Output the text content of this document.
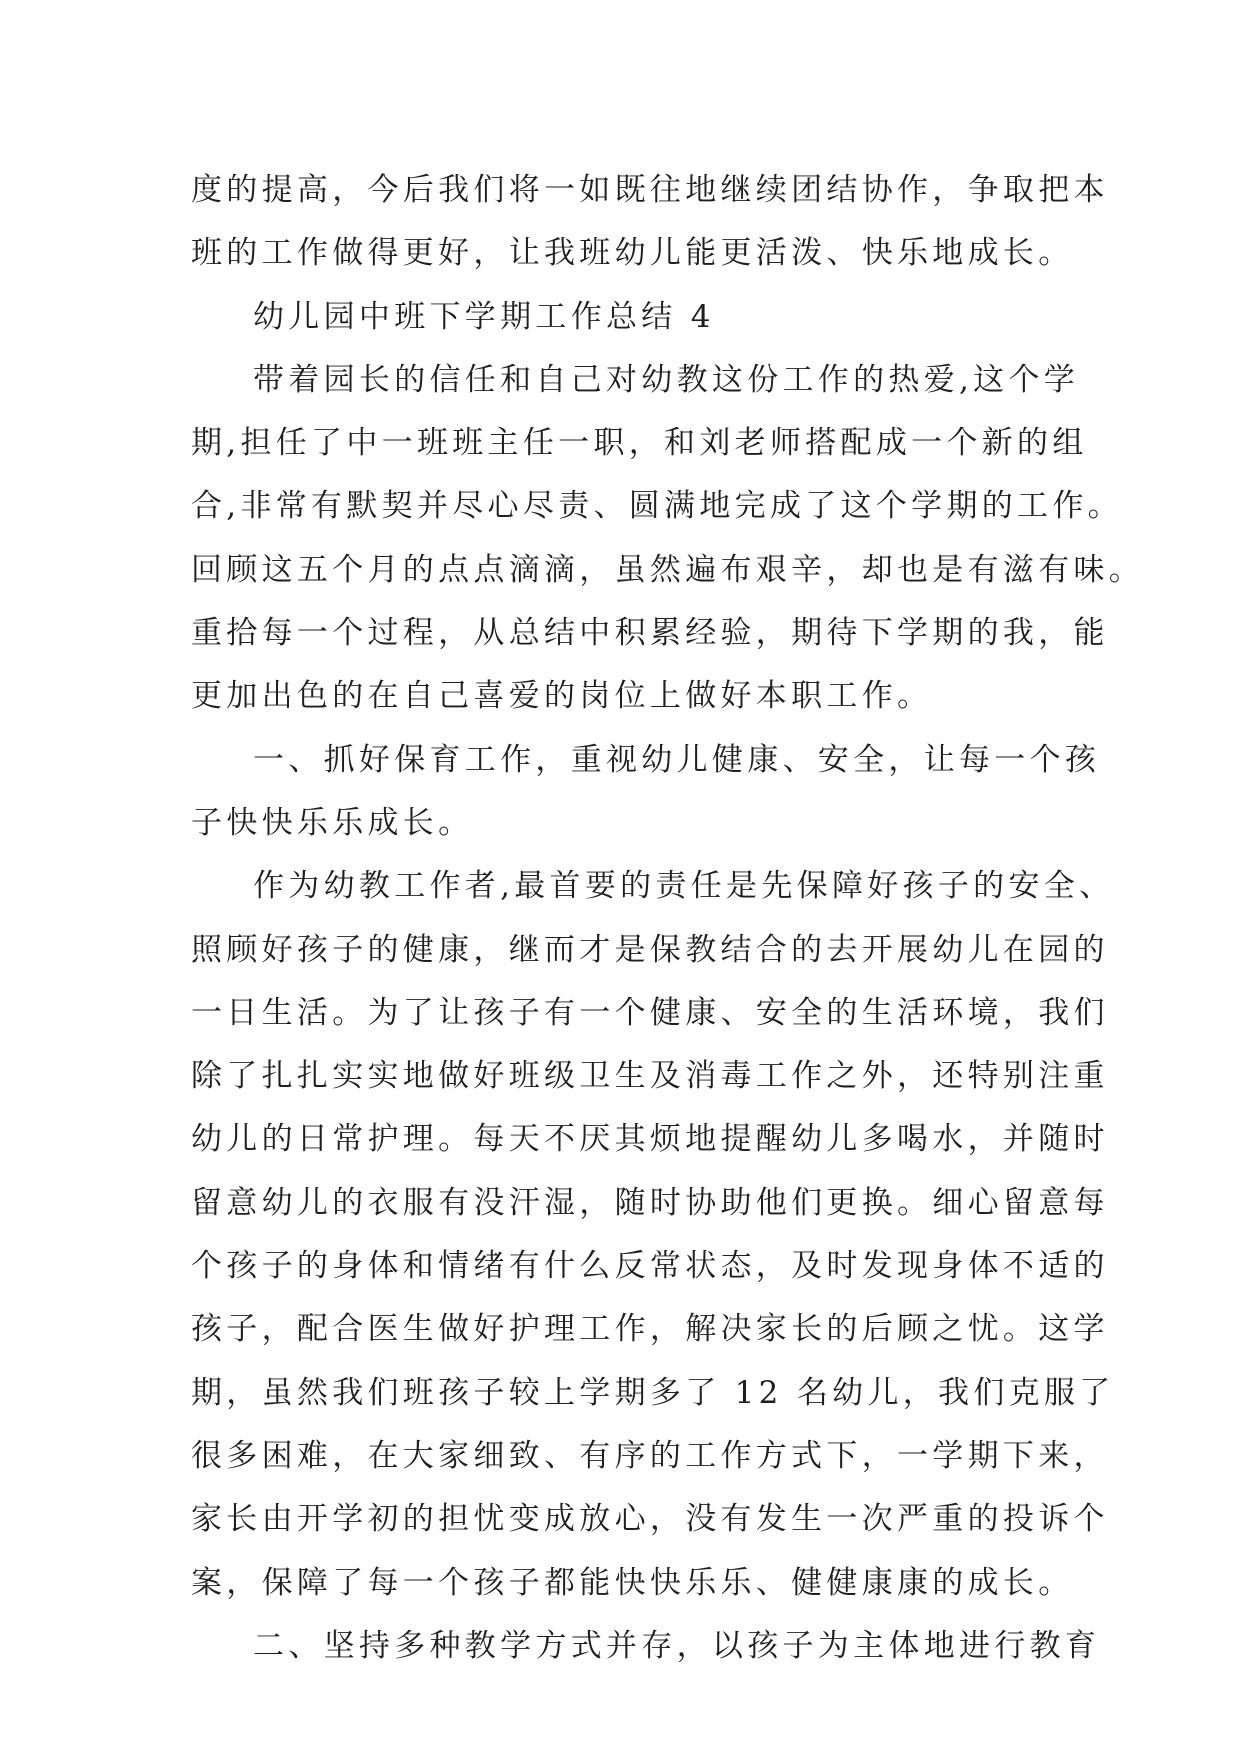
度的提高，今后我们将一如既往地继续团结协作，争取把本
班的工作做得更好，让我班幼儿能更活泼、快乐地成长。
幼儿园中班下学期工作总结 4
带着园长的信任和自己对幼教这份工作的热爱,这个学
期,担任了中一班班主任一职，和刘老师搭配成一个新的组
合,非常有默契并尽心尽责、圆满地完成了这个学期的工作。
回顾这五个月的点点滴滴，虽然遍布艰辛，却也是有滋有味。
重拾每一个过程，从总结中积累经验，期待下学期的我，能
更加出色的在自己喜爱的岗位上做好本职工作。
一、抓好保育工作，重视幼儿健康、安全，让每一个孩
子快快乐乐成长。
作为幼教工作者,最首要的责任是先保障好孩子的安全、
照顾好孩子的健康，继而才是保教结合的去开展幼儿在园的
一日生活。为了让孩子有一个健康、安全的生活环境，我们
除了扎扎实实地做好班级卫生及消毒工作之外，还特别注重
幼儿的日常护理。每天不厌其烦地提醒幼儿多喝水，并随时
留意幼儿的衣服有没汗湿，随时协助他们更换。细心留意每
个孩子的身体和情绪有什么反常状态，及时发现身体不适的
孩子，配合医生做好护理工作，解决家长的后顾之忧。这学
期，虽然我们班孩子较上学期多了 12 名幼儿，我们克服了
很多困难，在大家细致、有序的工作方式下，一学期下来，
家长由开学初的担忧变成放心，没有发生一次严重的投诉个
案，保障了每一个孩子都能快快乐乐、健健康康的成长。
二、坚持多种教学方式并存，以孩子为主体地进行教育
